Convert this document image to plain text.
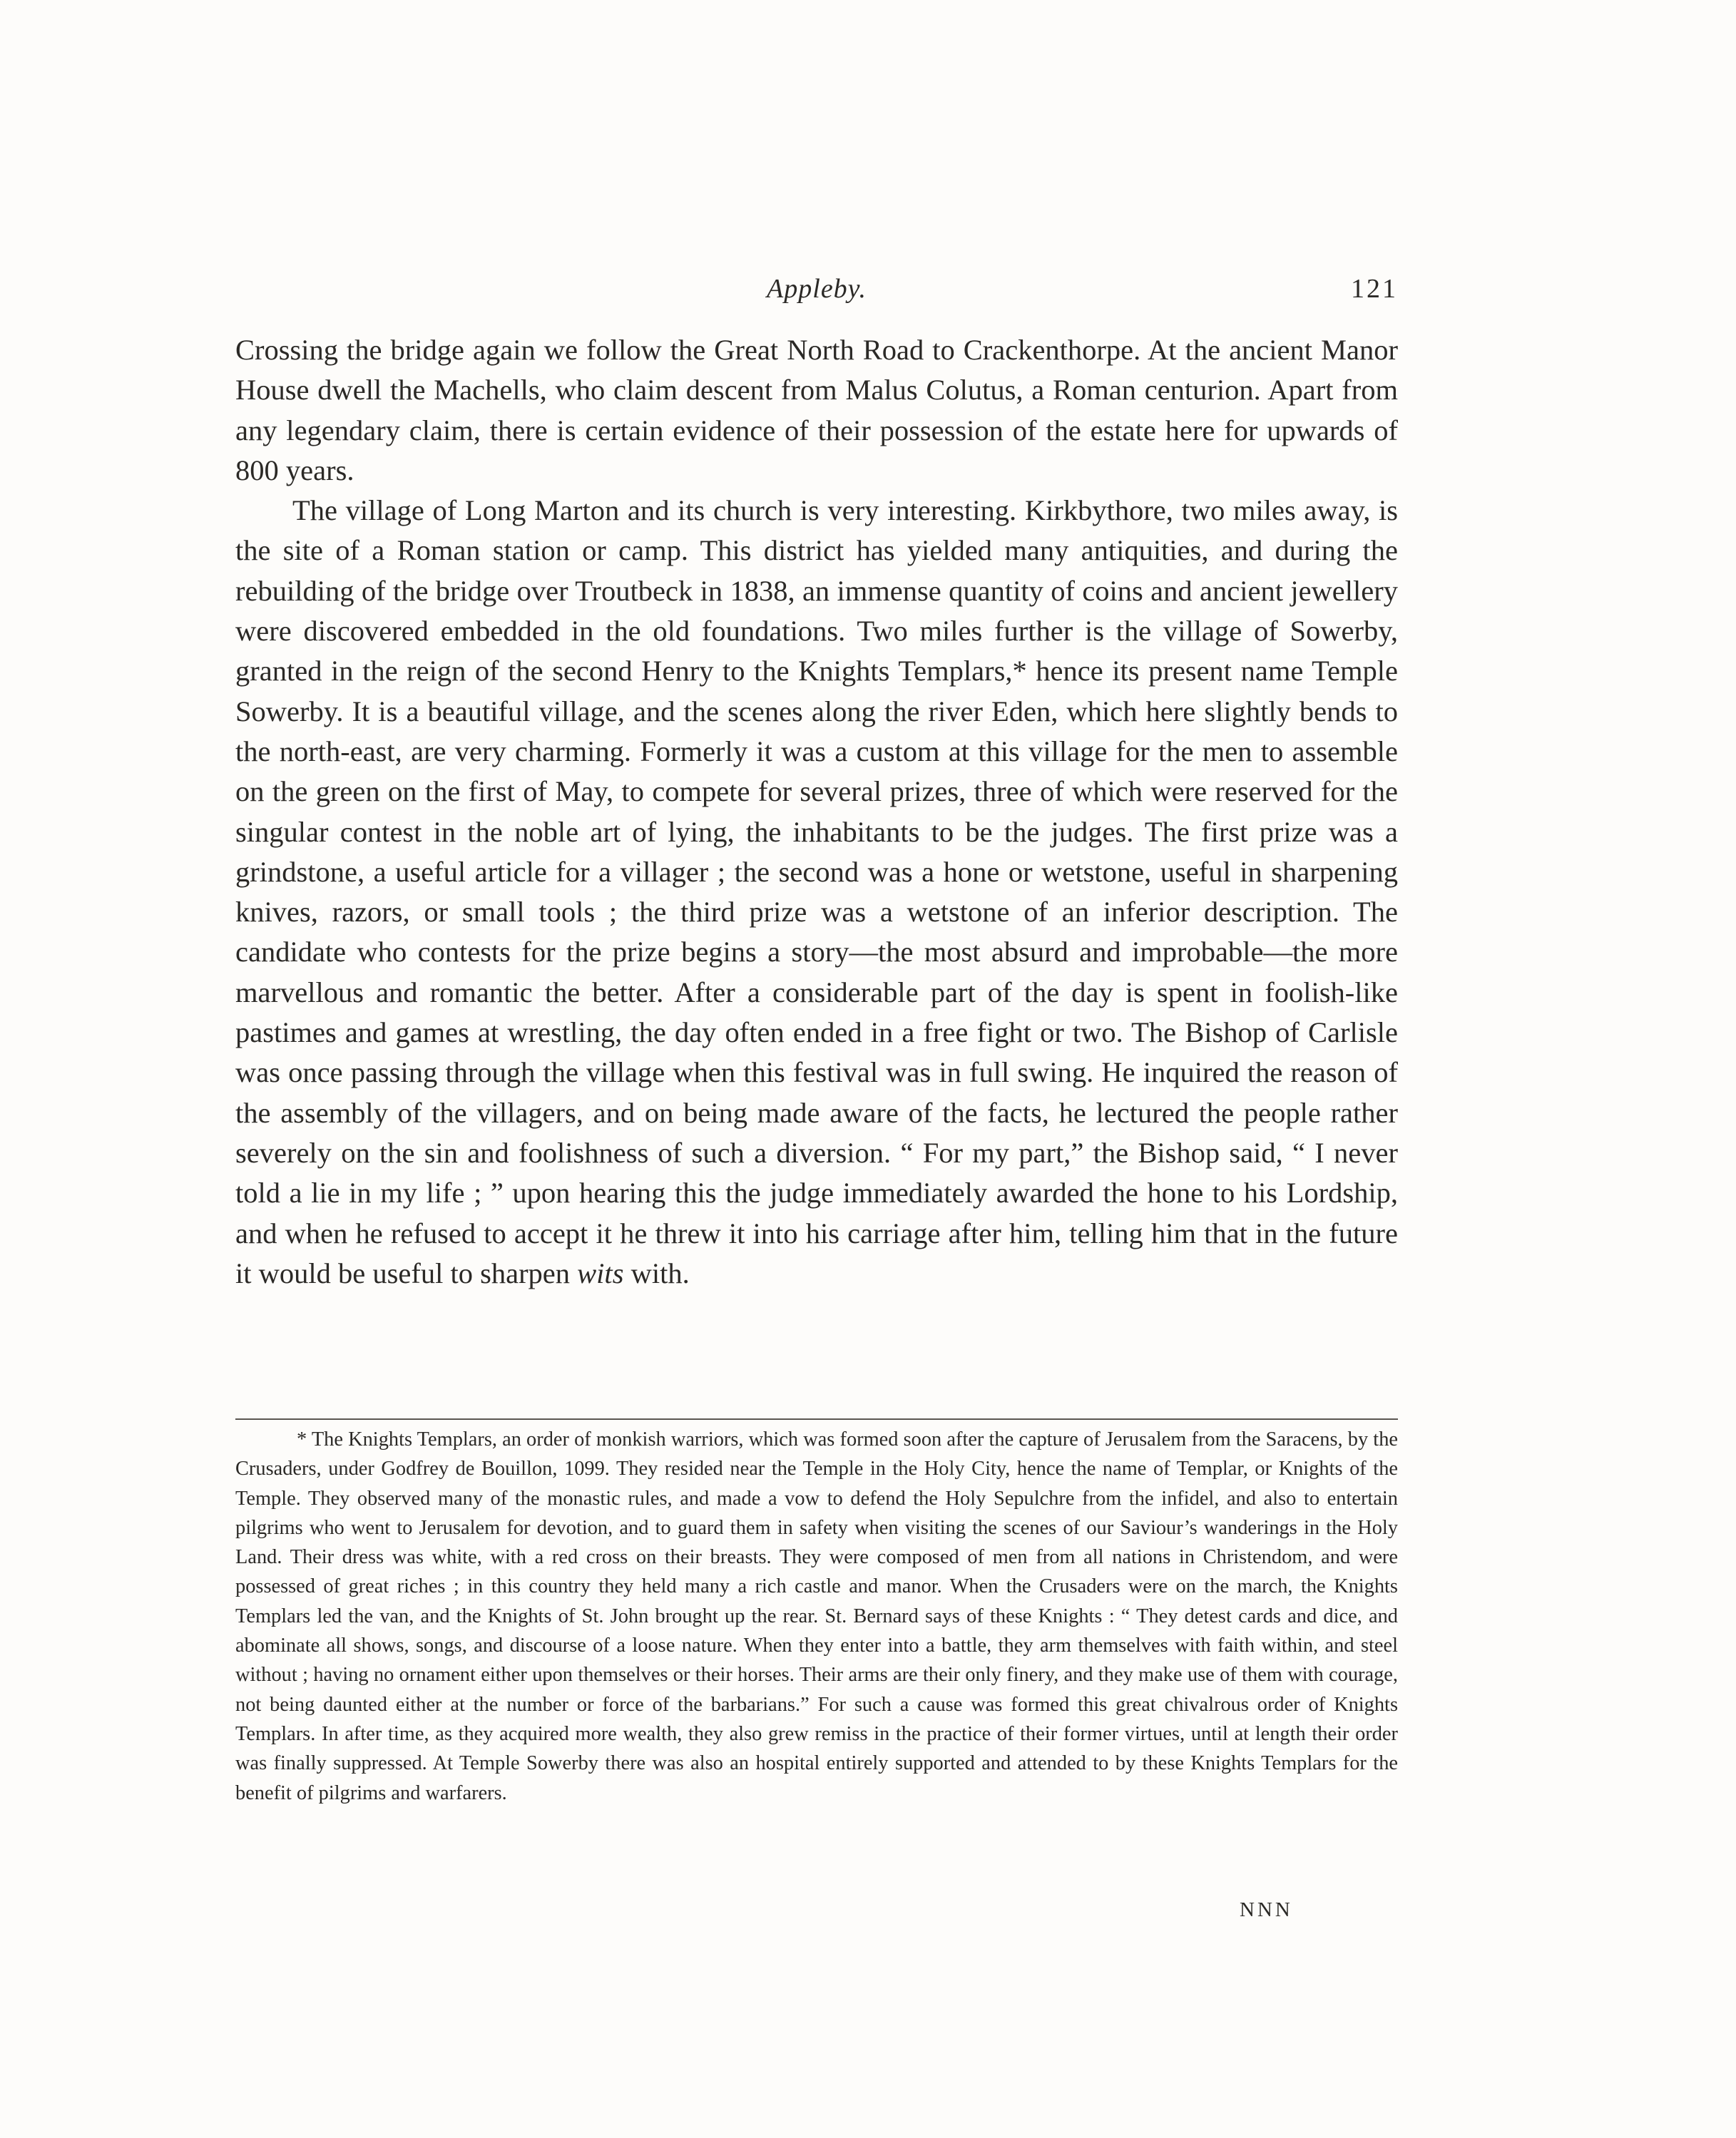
Appleby.	121

Crossing the bridge again we follow the Great North Road to Crackenthorpe. At the ancient Manor House dwell the Machells, who claim descent from Malus Colutus, a Roman centurion. Apart from any legendary claim, there is certain evidence of their possession of the estate here for upwards of 800 years.

The village of Long Marton and its church is very interesting. Kirkbythore, two miles away, is the site of a Roman station or camp. This district has yielded many antiquities, and during the rebuilding of the bridge over Troutbeck in 1838, an immense quantity of coins and ancient jewellery were discovered embedded in the old foundations. Two miles further is the village of Sowerby, granted in the reign of the second Henry to the Knights Templars,* hence its present name Temple Sowerby. It is a beautiful village, and the scenes along the river Eden, which here slightly bends to the north-east, are very charming. Formerly it was a custom at this village for the men to assemble on the green on the first of May, to compete for several prizes, three of which were reserved for the singular contest in the noble art of lying, the inhabitants to be the judges. The first prize was a grindstone, a useful article for a villager ; the second was a hone or wetstone, useful in sharpening knives, razors, or small tools ; the third prize was a wetstone of an inferior description. The candidate who contests for the prize begins a story—the most absurd and improbable—the more marvellous and romantic the better. After a considerable part of the day is spent in foolish-like pastimes and games at wrestling, the day often ended in a free fight or two. The Bishop of Carlisle was once passing through the village when this festival was in full swing. He inquired the reason of the assembly of the villagers, and on being made aware of the facts, he lectured the people rather severely on the sin and foolishness of such a diversion. “ For my part,” the Bishop said, “ I never told a lie in my life ; ” upon hearing this the judge immediately awarded the hone to his Lordship, and when he refused to accept it he threw it into his carriage after him, telling him that in the future it would be useful to sharpen wits with.

* The Knights Templars, an order of monkish warriors, which was formed soon after the capture of Jerusalem from the Saracens, by the Crusaders, under Godfrey de Bouillon, 1099. They resided near the Temple in the Holy City, hence the name of Templar, or Knights of the Temple. They observed many of the monastic rules, and made a vow to defend the Holy Sepulchre from the infidel, and also to entertain pilgrims who went to Jerusalem for devotion, and to guard them in safety when visiting the scenes of our Saviour’s wanderings in the Holy Land. Their dress was white, with a red cross on their breasts. They were composed of men from all nations in Christendom, and were possessed of great riches ; in this country they held many a rich castle and manor. When the Crusaders were on the march, the Knights Templars led the van, and the Knights of St. John brought up the rear. St. Bernard says of these Knights : “ They detest cards and dice, and abominate all shows, songs, and discourse of a loose nature. When they enter into a battle, they arm themselves with faith within, and steel without ; having no ornament either upon themselves or their horses. Their arms are their only finery, and they make use of them with courage, not being daunted either at the number or force of the barbarians.” For such a cause was formed this great chivalrous order of Knights Templars. In after time, as they acquired more wealth, they also grew remiss in the practice of their former virtues, until at length their order was finally suppressed. At Temple Sowerby there was also an hospital entirely supported and attended to by these Knights Templars for the benefit of pilgrims and warfarers.

NNN
